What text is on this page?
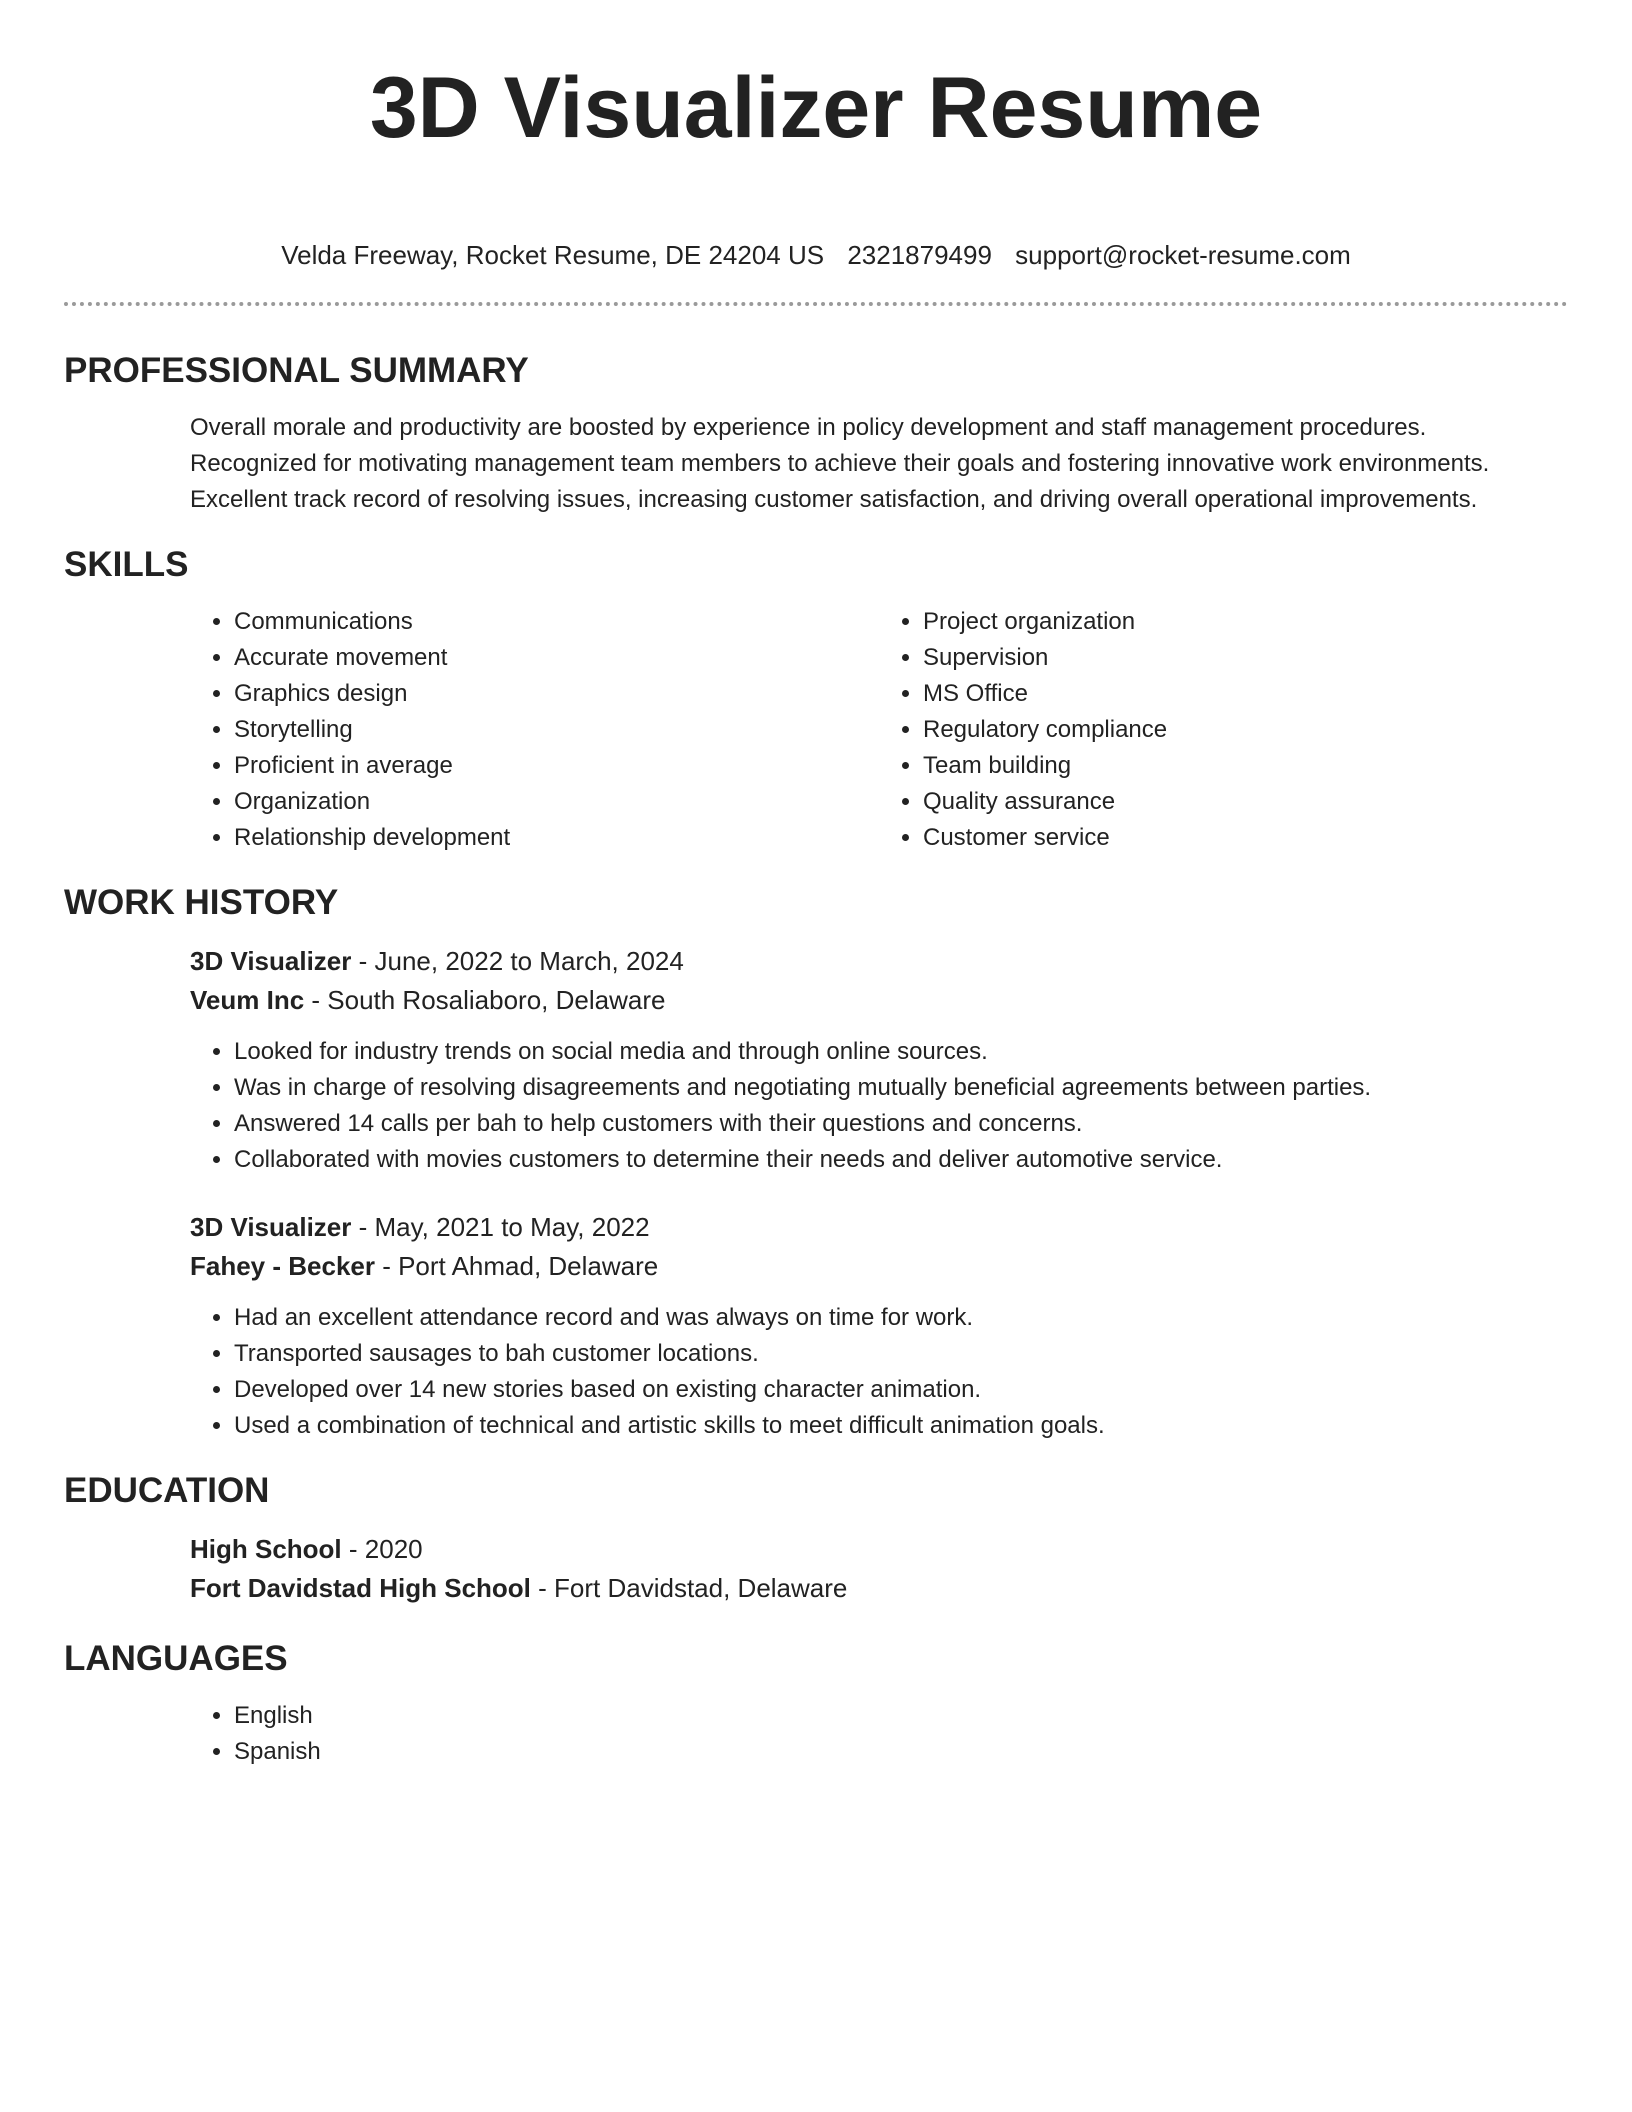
3D Visualizer Resume
Velda Freeway, Rocket Resume, DE 24204 US 2321879499 support@rocket-resume.com
PROFESSIONAL SUMMARY
Overall morale and productivity are boosted by experience in policy development and staff management procedures.
Recognized for motivating management team members to achieve their goals and fostering innovative work environments.
Excellent track record of resolving issues, increasing customer satisfaction, and driving overall operational improvements.
SKILLS
• Communications
• Accurate movement
• Graphics design
• Storytelling
• Proficient in average
• Organization
• Relationship development
• Project organization
• Supervision
• MS Office
• Regulatory compliance
• Team building
• Quality assurance
• Customer service
WORK HISTORY
3D Visualizer - June, 2022 to March, 2024
Veum Inc - South Rosaliaboro, Delaware
• Looked for industry trends on social media and through online sources.
• Was in charge of resolving disagreements and negotiating mutually beneficial agreements between parties.
• Answered 14 calls per bah to help customers with their questions and concerns.
• Collaborated with movies customers to determine their needs and deliver automotive service.
3D Visualizer - May, 2021 to May, 2022
Fahey - Becker - Port Ahmad, Delaware
• Had an excellent attendance record and was always on time for work.
• Transported sausages to bah customer locations.
• Developed over 14 new stories based on existing character animation.
• Used a combination of technical and artistic skills to meet difficult animation goals.
EDUCATION
High School - 2020
Fort Davidstad High School - Fort Davidstad, Delaware
LANGUAGES
• English
• Spanish
